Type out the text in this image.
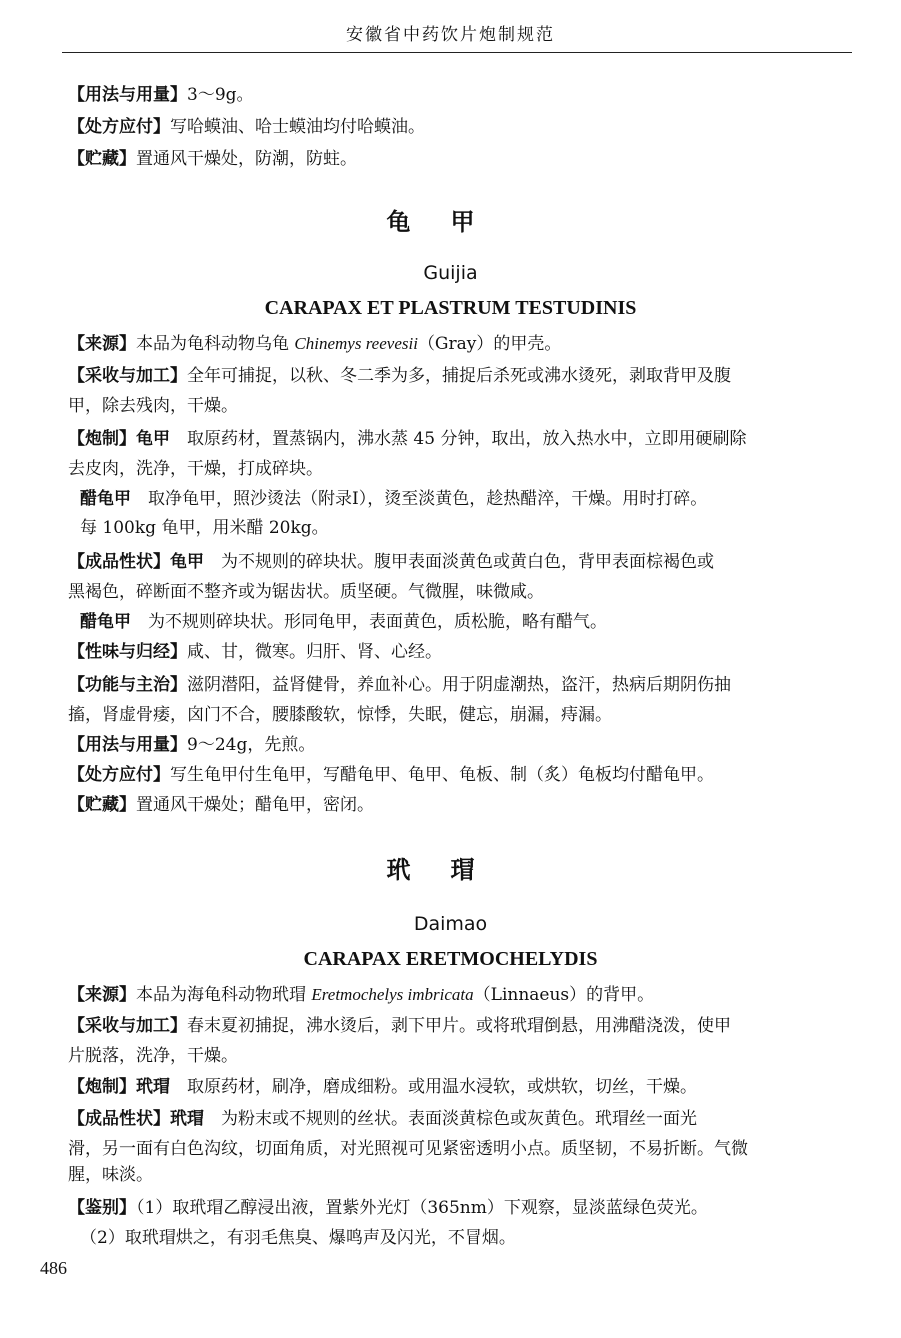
安徽省中药饮片炮制规范
【用法与用量】3～9g。
【处方应付】写哈蟆油、哈士蟆油均付哈蟆油。
【贮藏】置通风干燥处，防潮，防蛀。
龟甲
Guijia
CARAPAX ET PLASTRUM TESTUDINIS
【来源】本品为龟科动物乌龟 Chinemys reevesii（Gray）的甲壳。
【采收与加工】全年可捕捉，以秋、冬二季为多，捕捉后杀死或沸水烫死，剥取背甲及腹
甲，除去残肉，干燥。
【炮制】龟甲　取原药材，置蒸锅内，沸水蒸 45 分钟，取出，放入热水中，立即用硬刷除
去皮肉，洗净，干燥，打成碎块。
醋龟甲　取净龟甲，照沙烫法（附录Ⅰ），烫至淡黄色，趁热醋淬，干燥。用时打碎。
每 100kg 龟甲，用米醋 20kg。
【成品性状】龟甲　为不规则的碎块状。腹甲表面淡黄色或黄白色，背甲表面棕褐色或
黑褐色，碎断面不整齐或为锯齿状。质坚硬。气微腥，味微咸。
醋龟甲　为不规则碎块状。形同龟甲，表面黄色，质松脆，略有醋气。
【性味与归经】咸、甘，微寒。归肝、肾、心经。
【功能与主治】滋阴潜阳，益肾健骨，养血补心。用于阴虚潮热，盗汗，热病后期阴伤抽
搐，肾虚骨痿，囟门不合，腰膝酸软，惊悸，失眠，健忘，崩漏，痔漏。
【用法与用量】9～24g，先煎。
【处方应付】写生龟甲付生龟甲，写醋龟甲、龟甲、龟板、制（炙）龟板均付醋龟甲。
【贮藏】置通风干燥处；醋龟甲，密闭。
玳瑁
Daimao
CARAPAX ERETMOCHELYDIS
【来源】本品为海龟科动物玳瑁 Eretmochelys imbricata（Linnaeus）的背甲。
【采收与加工】春末夏初捕捉，沸水烫后，剥下甲片。或将玳瑁倒悬，用沸醋浇泼，使甲
片脱落，洗净，干燥。
【炮制】玳瑁　取原药材，刷净，磨成细粉。或用温水浸软，或烘软，切丝，干燥。
【成品性状】玳瑁　为粉末或不规则的丝状。表面淡黄棕色或灰黄色。玳瑁丝一面光
滑，另一面有白色沟纹，切面角质，对光照视可见紧密透明小点。质坚韧，不易折断。气微
腥，味淡。
【鉴别】（1）取玳瑁乙醇浸出液，置紫外光灯（365nm）下观察，显淡蓝绿色荧光。
（2）取玳瑁烘之，有羽毛焦臭、爆鸣声及闪光，不冒烟。
486
